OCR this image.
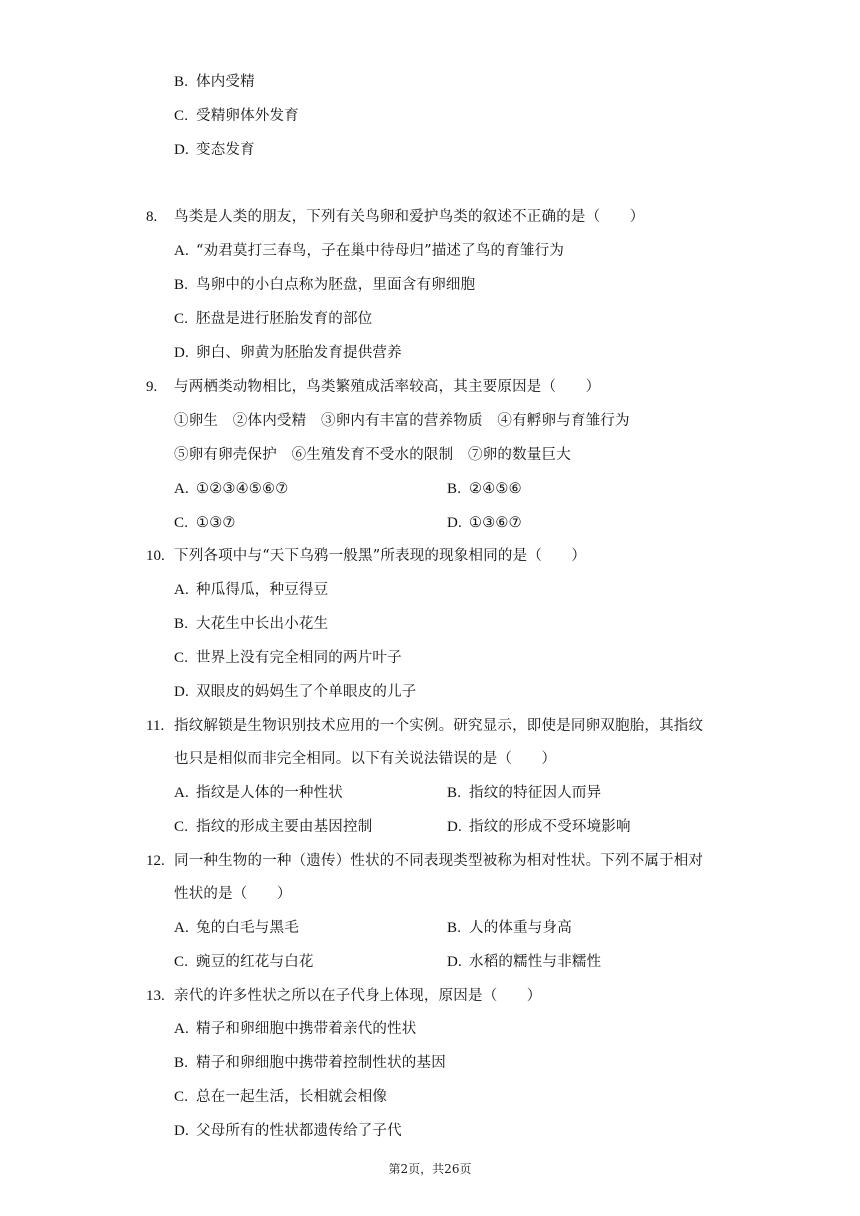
B. 体内受精
C. 受精卵体外发育
D. 变态发育
8. 鸟类是人类的朋友，下列有关鸟卵和爱护鸟类的叙述不正确的是（　　）
A. “劝君莫打三春鸟，子在巢中待母归”描述了鸟的育雏行为
B. 鸟卵中的小白点称为胚盘，里面含有卵细胞
C. 胚盘是进行胚胎发育的部位
D. 卵白、卵黄为胚胎发育提供营养
9. 与两栖类动物相比，鸟类繁殖成活率较高，其主要原因是（　　）
①卵生　②体内受精　③卵内有丰富的营养物质　④有孵卵与育雏行为
⑤卵有卵壳保护　⑥生殖发育不受水的限制　⑦卵的数量巨大
A. ①②③④⑤⑥⑦	B. ②④⑤⑥
C. ①③⑦	D. ①③⑥⑦
10. 下列各项中与“天下乌鸦一般黑”所表现的现象相同的是（　　）
A. 种瓜得瓜，种豆得豆
B. 大花生中长出小花生
C. 世界上没有完全相同的两片叶子
D. 双眼皮的妈妈生了个单眼皮的儿子
11. 指纹解锁是生物识别技术应用的一个实例。研究显示，即使是同卵双胞胎，其指纹
也只是相似而非完全相同。以下有关说法错误的是（　　）
A. 指纹是人体的一种性状	B. 指纹的特征因人而异
C. 指纹的形成主要由基因控制	D. 指纹的形成不受环境影响
12. 同一种生物的一种（遗传）性状的不同表现类型被称为相对性状。下列不属于相对
性状的是（　　）
A. 兔的白毛与黑毛	B. 人的体重与身高
C. 豌豆的红花与白花	D. 水稻的糯性与非糯性
13. 亲代的许多性状之所以在子代身上体现，原因是（　　）
A. 精子和卵细胞中携带着亲代的性状
B. 精子和卵细胞中携带着控制性状的基因
C. 总在一起生活，长相就会相像
D. 父母所有的性状都遗传给了子代
第2页，共26页
